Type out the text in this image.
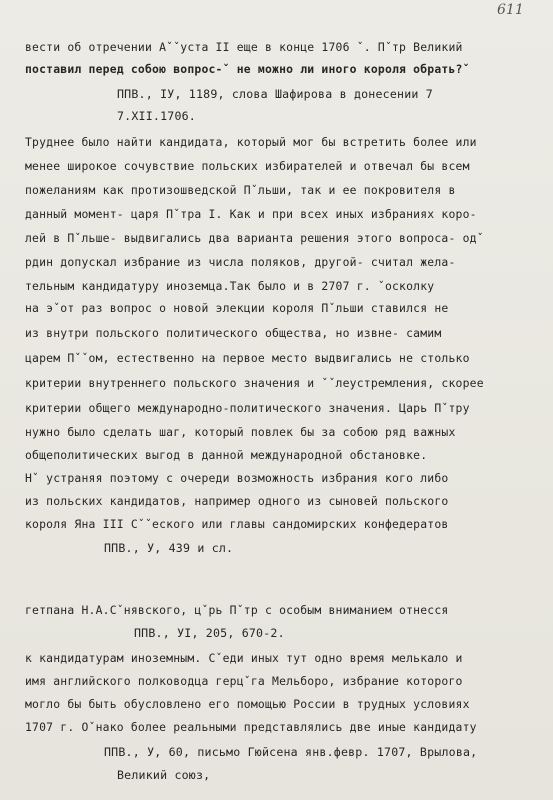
611
вести об отречении Аˇˇуста II еще в конце 1706 ˇ. Пˇтр Великий
поставил перед собою вопрос-ˇ не можно ли иного короля обрать?ˇ
ППВ., IУ, 1189, слова Шафирова в донесении 7
7.XII.1706.
Труднее было найти кандидата, который мог бы встретить более или
менее широкое сочувствие польских избирателей и отвечал бы всем
пожеланиям как протизошведской Пˇльши, так и ее покровителя в
данный момент- царя Пˇтра I. Как и при всех иных избраниях коро-
лей в Пˇльше- выдвигались два варианта решения этого вопроса- одˇ
рдин допускал избрание из числа поляков, другой- считал жела-
тельным кандидатуру иноземца.Так было и в 2707 г. ˇосколку
на эˇот раз вопрос о новой элекции короля Пˇльши ставился не
из внутри польского политического общества, но извне- самим
царем Пˇˇом, естественно на первое место выдвигались не столько
критерии внутреннего польского значения и ˇˇлеустремления, скорее
критерии общего международно-политического значения. Царь Пˇтру
нужно было сделать шаг, который повлек бы за собою ряд важных
общеполитических выгод в данной международной обстановке.
Нˇ устраняя поэтому с очереди возможность избрания кого либо
из польских кандидатов, например одного из сыновей польского
короля Яна III Сˇˇеского или главы сандомирских конфедератов
ППВ., У, 439 и сл.
гетпана Н.А.Сˇнявского, цˇрь Пˇтр с особым вниманием отнесся
ППВ., УI, 205, 670-2.
к кандидатурам иноземным. Сˇеди иных тут одно время мелькало и
имя английского полководца герцˇга Мельборо, избрание которого
могло бы быть обусловлено его помощью России в трудных условиях
1707 г. Оˇнако более реальными представлялись две иные кандидату
ППВ., У, 60, письмо Гюйсена янв.февр. 1707, Врылова,
Великий союз,
